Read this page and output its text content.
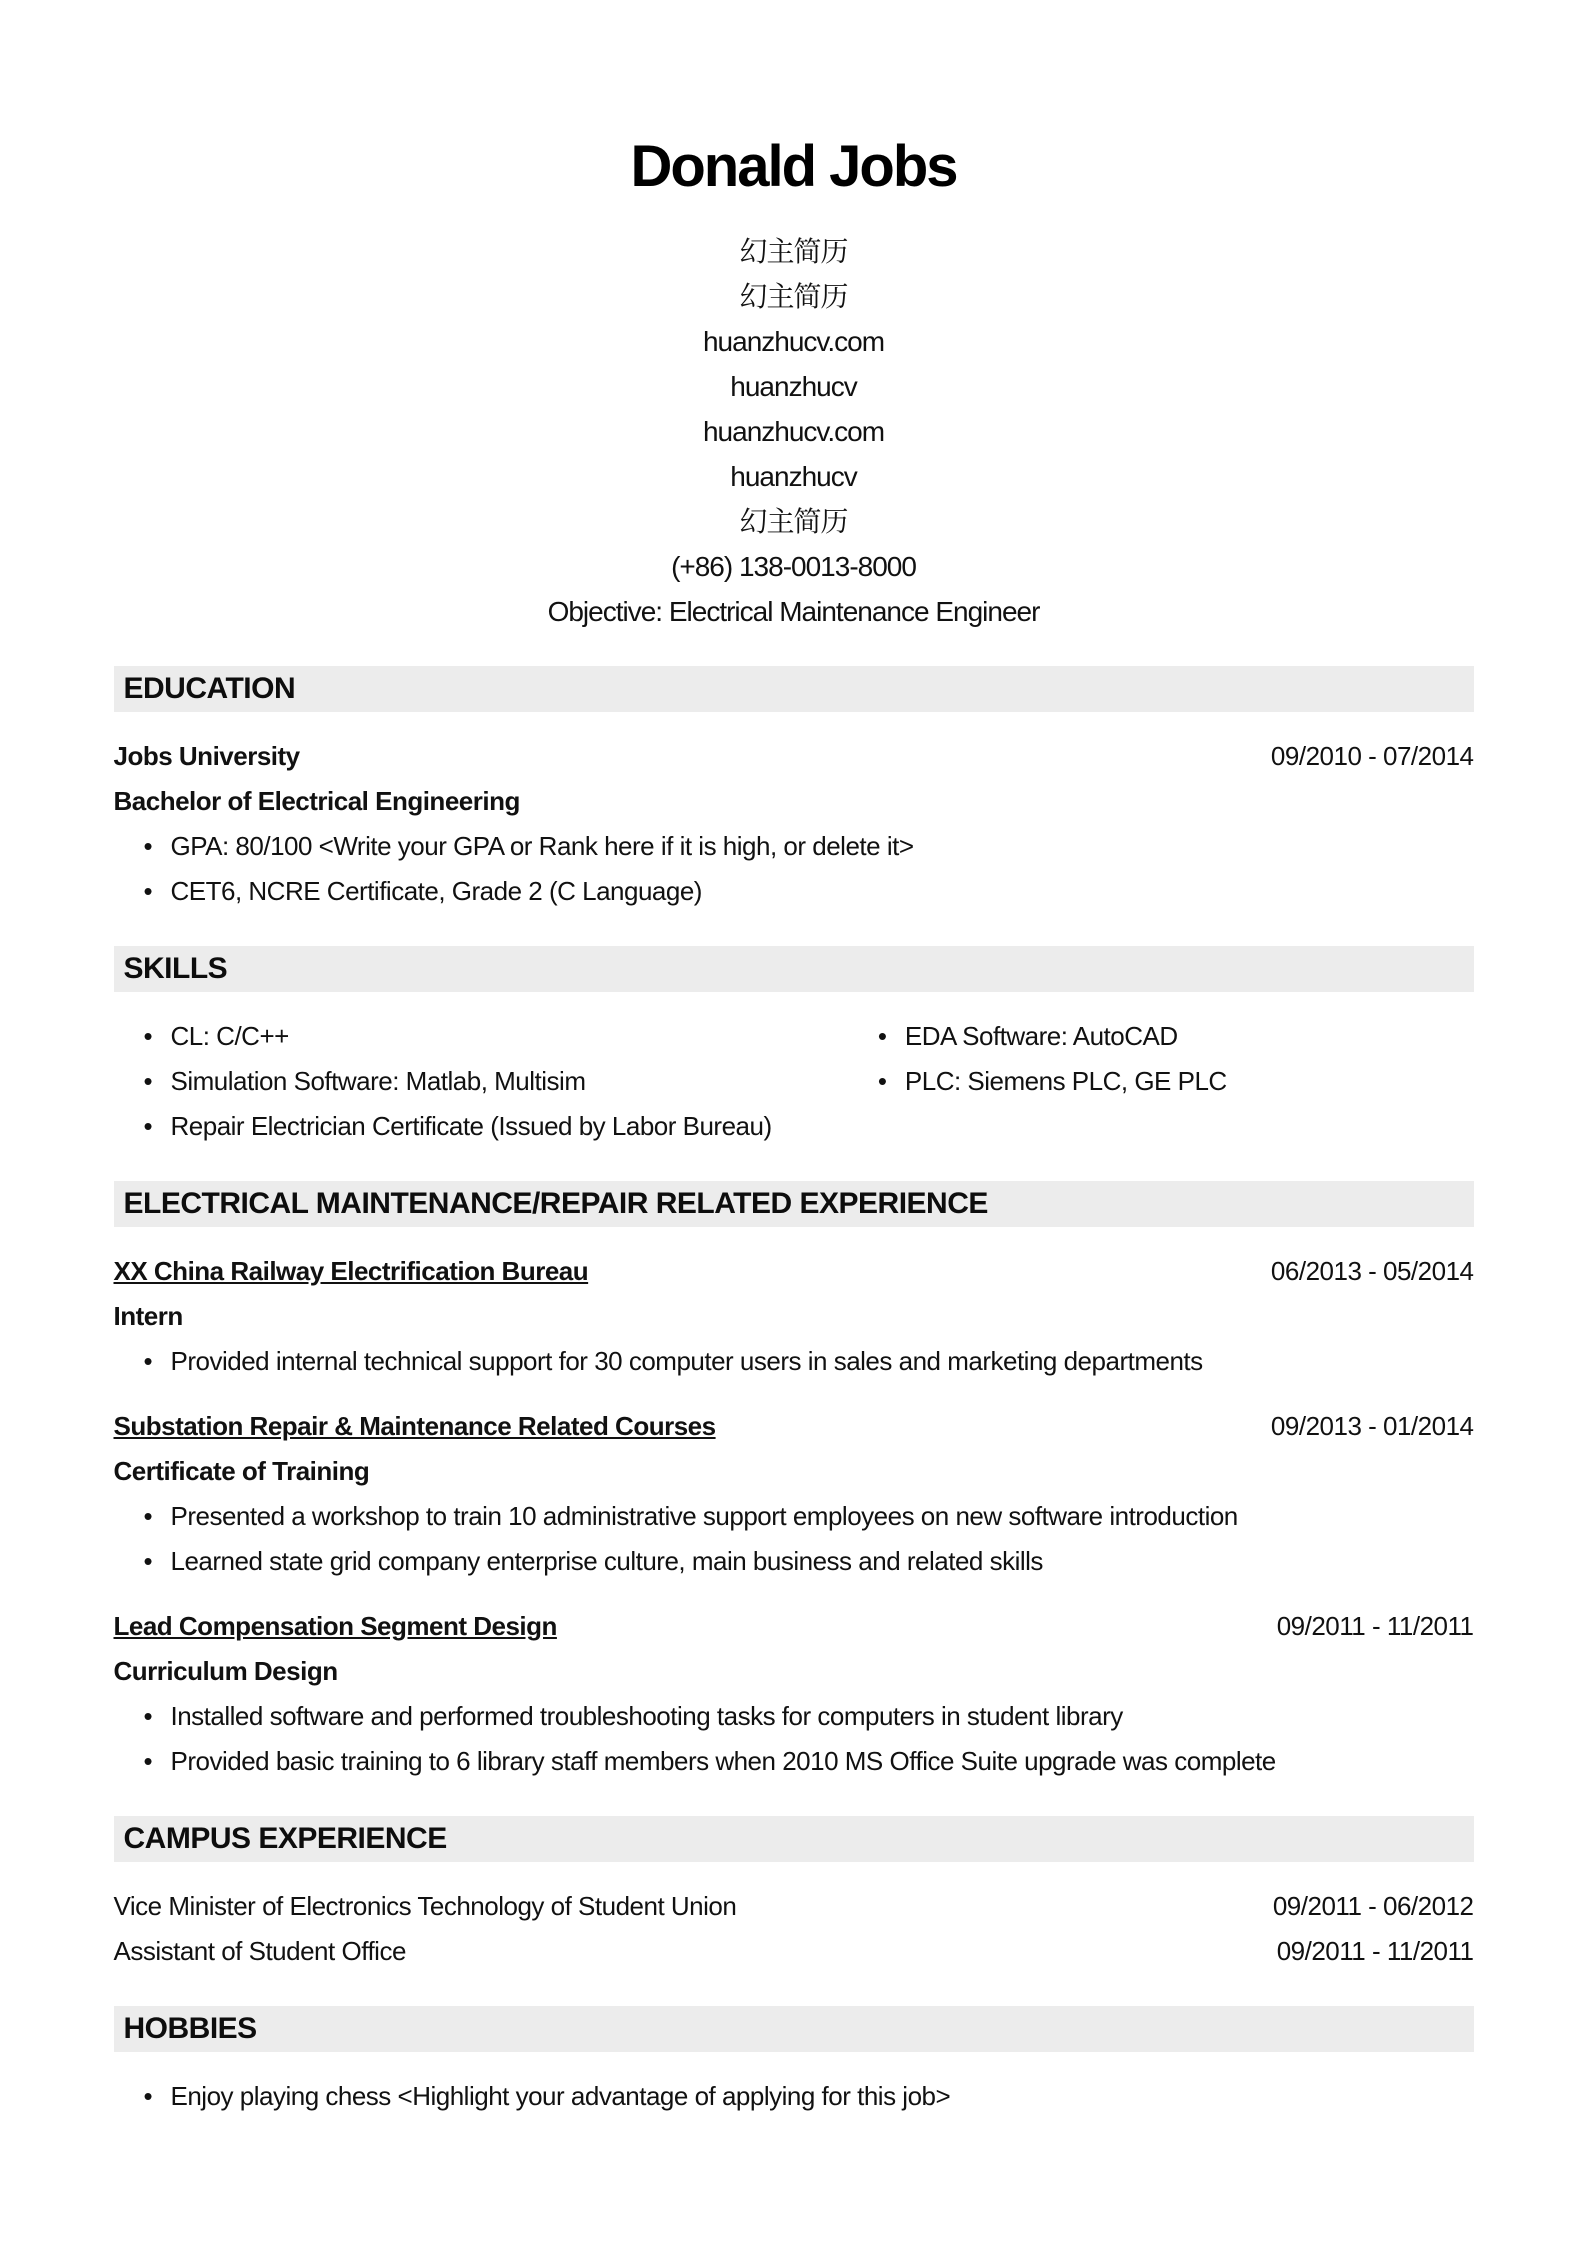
Donald Jobs
幻主简历
幻主简历
huanzhucv.com
huanzhucv
huanzhucv.com
huanzhucv
幻主简历
(+86) 138-0013-8000
Objective: Electrical Maintenance Engineer
EDUCATION
Jobs University	09/2010 - 07/2014
Bachelor of Electrical Engineering
• GPA: 80/100 <Write your GPA or Rank here if it is high, or delete it>
• CET6, NCRE Certificate, Grade 2 (C Language)
SKILLS
• CL: C/C++
• Simulation Software: Matlab, Multisim
• Repair Electrician Certificate (Issued by Labor Bureau)
• EDA Software: AutoCAD
• PLC: Siemens PLC, GE PLC
ELECTRICAL MAINTENANCE/REPAIR RELATED EXPERIENCE
XX China Railway Electrification Bureau	06/2013 - 05/2014
Intern
• Provided internal technical support for 30 computer users in sales and marketing departments
Substation Repair & Maintenance Related Courses	09/2013 - 01/2014
Certificate of Training
• Presented a workshop to train 10 administrative support employees on new software introduction
• Learned state grid company enterprise culture, main business and related skills
Lead Compensation Segment Design	09/2011 - 11/2011
Curriculum Design
• Installed software and performed troubleshooting tasks for computers in student library
• Provided basic training to 6 library staff members when 2010 MS Office Suite upgrade was complete
CAMPUS EXPERIENCE
Vice Minister of Electronics Technology of Student Union	09/2011 - 06/2012
Assistant of Student Office	09/2011 - 11/2011
HOBBIES
• Enjoy playing chess <Highlight your advantage of applying for this job>
